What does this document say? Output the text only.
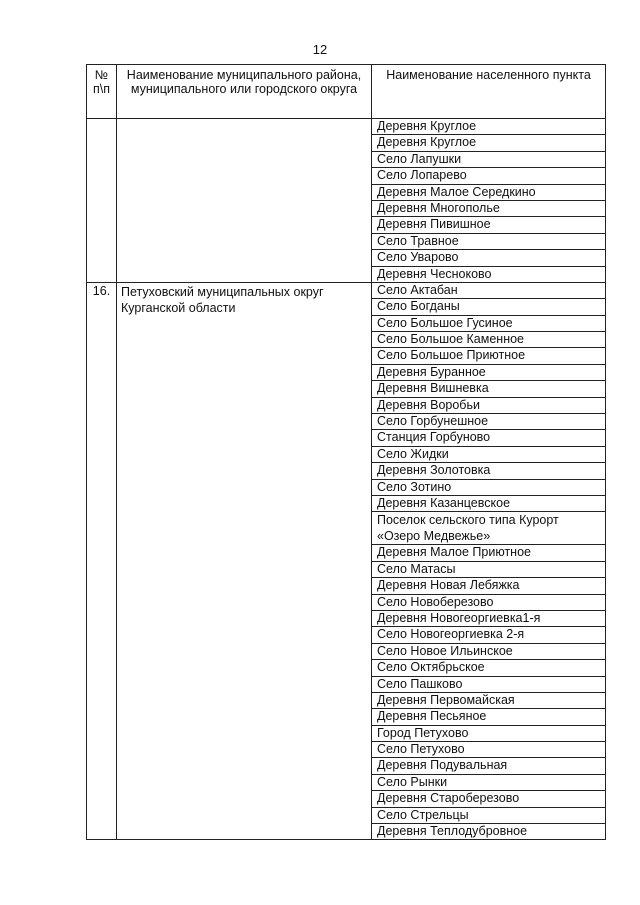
12
№ п\п	Наименование муниципального района, муниципального или городского округа	Наименование населенного пункта
		Деревня Круглое
		Деревня Круглое
		Село Лапушки
		Село Лопарево
		Деревня Малое Середкино
		Деревня Многополье
		Деревня Пивишное
		Село Травное
		Село Уварово
		Деревня Чесноково
16.	Петуховский муниципальных округ Курганской области	Село Актабан
		Село Богданы
		Село Большое Гусиное
		Село Большое Каменное
		Село Большое Приютное
		Деревня Буранное
		Деревня Вишневка
		Деревня Воробьи
		Село Горбунешное
		Станция Горбуново
		Село Жидки
		Деревня Золотовка
		Село Зотино
		Деревня Казанцевское
		Поселок сельского типа Курорт «Озеро Медвежье»
		Деревня Малое Приютное
		Село Матасы
		Деревня Новая Лебяжка
		Село Новоберезово
		Деревня Новогеоргиевка1-я
		Село Новогеоргиевка 2-я
		Село Новое Ильинское
		Село Октябрьское
		Село Пашково
		Деревня Первомайская
		Деревня Песьяное
		Город Петухово
		Село Петухово
		Деревня Подувальная
		Село Рынки
		Деревня Староберезово
		Село Стрельцы
		Деревня Теплодубровное
